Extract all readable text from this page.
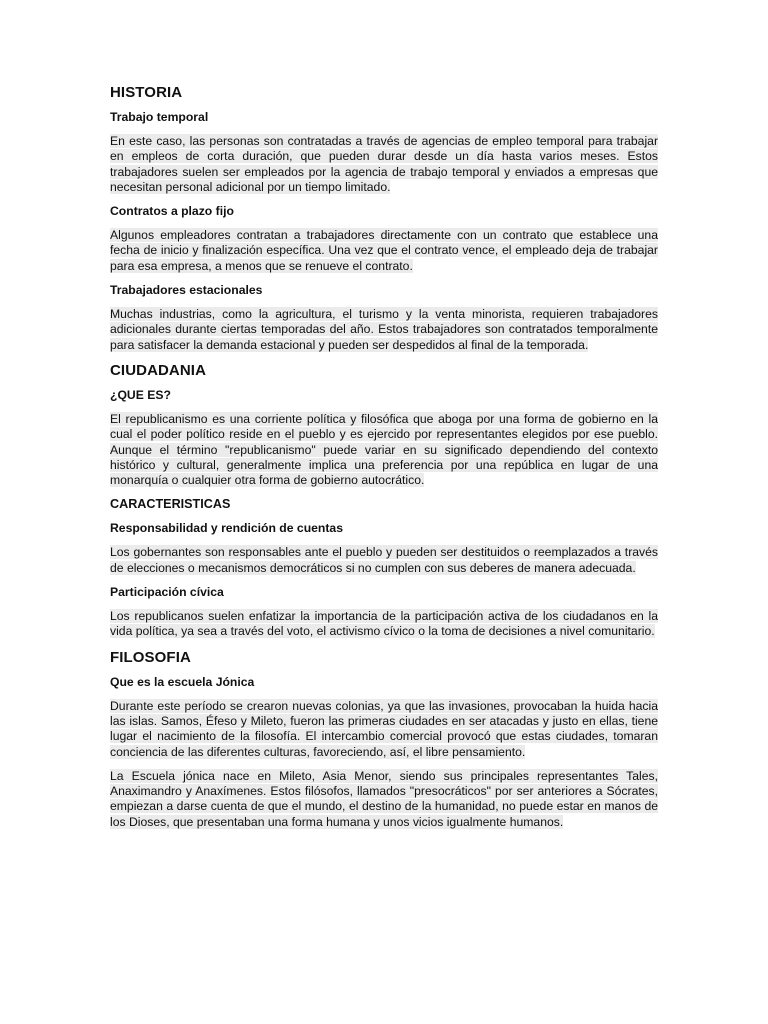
HISTORIA
Trabajo temporal

En este caso, las personas son contratadas a través de agencias de empleo temporal para trabajar en empleos de corta duración, que pueden durar desde un día hasta varios meses. Estos trabajadores suelen ser empleados por la agencia de trabajo temporal y enviados a empresas que necesitan personal adicional por un tiempo limitado.

Contratos a plazo fijo

Algunos empleadores contratan a trabajadores directamente con un contrato que establece una fecha de inicio y finalización específica. Una vez que el contrato vence, el empleado deja de trabajar para esa empresa, a menos que se renueve el contrato.

Trabajadores estacionales

Muchas industrias, como la agricultura, el turismo y la venta minorista, requieren trabajadores adicionales durante ciertas temporadas del año. Estos trabajadores son contratados temporalmente para satisfacer la demanda estacional y pueden ser despedidos al final de la temporada.

CIUDADANIA
¿QUE ES?

El republicanismo es una corriente política y filosófica que aboga por una forma de gobierno en la cual el poder político reside en el pueblo y es ejercido por representantes elegidos por ese pueblo. Aunque el término "republicanismo" puede variar en su significado dependiendo del contexto histórico y cultural, generalmente implica una preferencia por una república en lugar de una monarquía o cualquier otra forma de gobierno autocrático.

CARACTERISTICAS
Responsabilidad y rendición de cuentas

Los gobernantes son responsables ante el pueblo y pueden ser destituidos o reemplazados a través de elecciones o mecanismos democráticos si no cumplen con sus deberes de manera adecuada.

Participación cívica

Los republicanos suelen enfatizar la importancia de la participación activa de los ciudadanos en la vida política, ya sea a través del voto, el activismo cívico o la toma de decisiones a nivel comunitario.

FILOSOFIA
Que es la escuela Jónica

Durante este período se crearon nuevas colonias, ya que las invasiones, provocaban la huida hacia las islas. Samos, Éfeso y Mileto, fueron las primeras ciudades en ser atacadas y justo en ellas, tiene lugar el nacimiento de la filosofía. El intercambio comercial provocó que estas ciudades, tomaran conciencia de las diferentes culturas, favoreciendo, así, el libre pensamiento.

La Escuela jónica nace en Mileto, Asia Menor, siendo sus principales representantes Tales, Anaximandro y Anaxímenes. Estos filósofos, llamados "presocráticos" por ser anteriores a Sócrates, empiezan a darse cuenta de que el mundo, el destino de la humanidad, no puede estar en manos de los Dioses, que presentaban una forma humana y unos vicios igualmente humanos.
